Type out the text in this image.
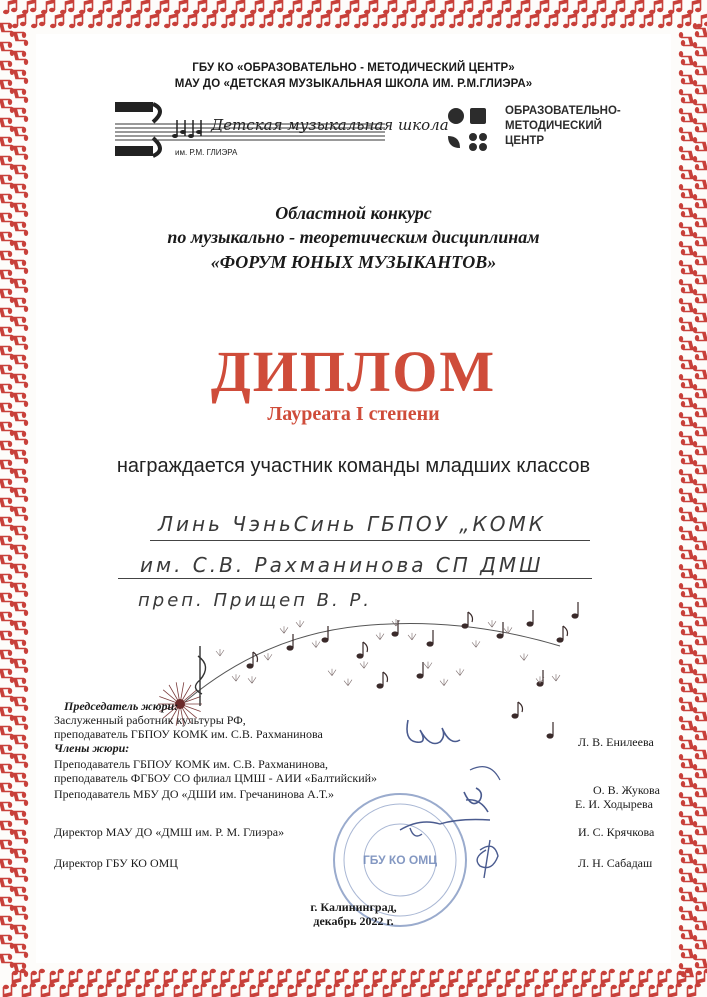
ГБУ КО «ОБРАЗОВАТЕЛЬНО - МЕТОДИЧЕСКИЙ ЦЕНТР»
МАУ ДО «ДЕТСКАЯ МУЗЫКАЛЬНАЯ ШКОЛА ИМ. Р.М.ГЛИЭРА»
Детская музыкальная школа
им. Р.М. ГЛИЭРА
ОБРАЗОВАТЕЛЬНО-
МЕТОДИЧЕСКИЙ
ЦЕНТР
Областной конкурс
по музыкально - теоретическим дисциплинам
«ФОРУМ ЮНЫХ МУЗЫКАНТОВ»
ДИПЛОМ
Лауреата I степени
награждается участник команды младших классов
Линь ЧэньСинь ГБПОУ „КОМК
им. С.В. Рахманинова СП ДМШ
преп. Прищеп В. Р.
Председатель жюри:
Заслуженный работник культуры РФ,
преподаватель ГБПОУ КОМК им. С.В. Рахманинова
Члены жюри:
Преподаватель ГБПОУ КОМК им. С.В. Рахманинова,
преподаватель ФГБОУ СО филиал ЦМШ - АИИ «Балтийский»
Преподаватель МБУ ДО «ДШИ им. Гречанинова А.Т.»
Директор МАУ ДО «ДМШ им. Р. М. Глиэра»
Директор ГБУ КО ОМЦ
Л. В. Енилеева
О. В. Жукова
Е. И. Ходырева
И. С. Крячкова
Л. Н. Сабадаш
ГБУ КО ОМЦ
г. Калининград,
декабрь 2022 г.
